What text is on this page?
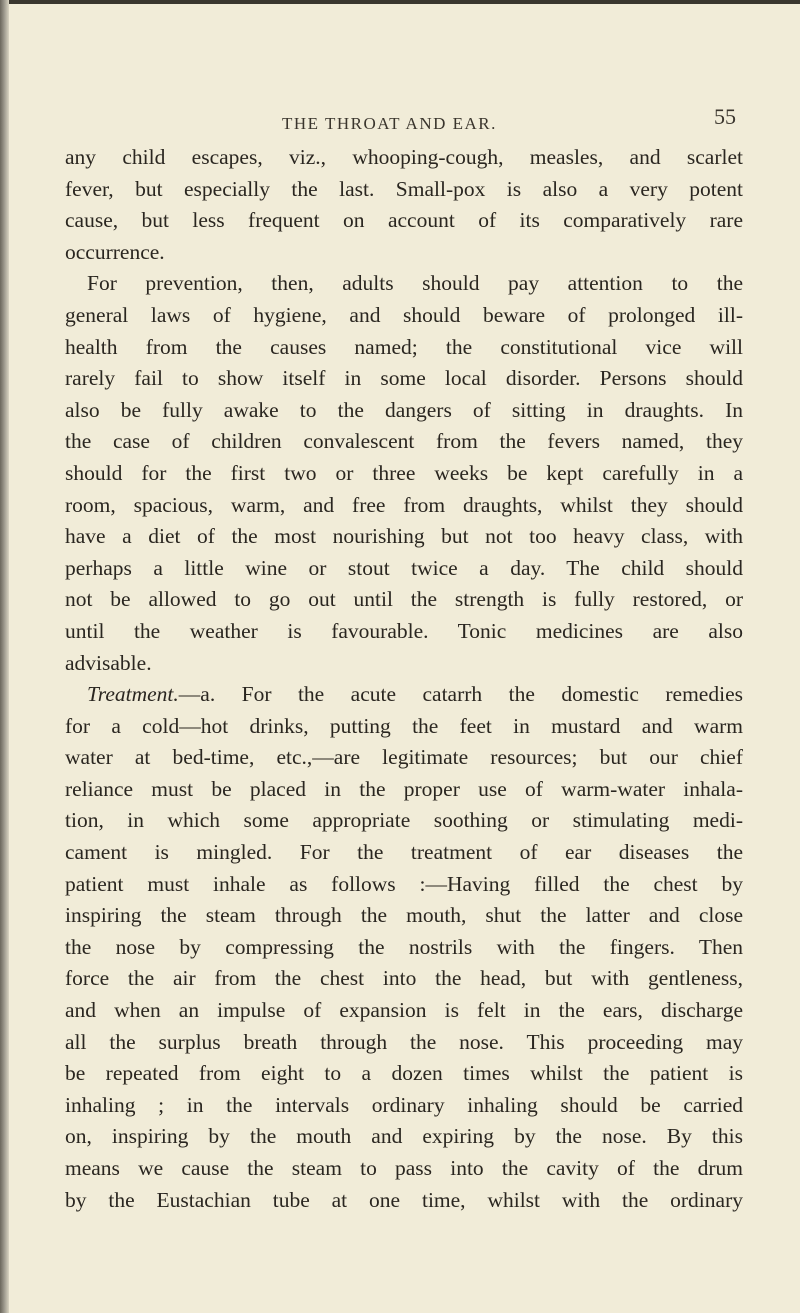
THE THROAT AND EAR.	55
any child escapes, viz., whooping-cough, measles, and scarlet
fever, but especially the last. Small-pox is also a very potent
cause, but less frequent on account of its comparatively rare
occurrence.
For prevention, then, adults should pay attention to the
general laws of hygiene, and should beware of prolonged ill-
health from the causes named; the constitutional vice will
rarely fail to show itself in some local disorder. Persons should
also be fully awake to the dangers of sitting in draughts. In
the case of children convalescent from the fevers named, they
should for the first two or three weeks be kept carefully in a
room, spacious, warm, and free from draughts, whilst they should
have a diet of the most nourishing but not too heavy class, with
perhaps a little wine or stout twice a day. The child should
not be allowed to go out until the strength is fully restored, or
until the weather is favourable. Tonic medicines are also
advisable.
Treatment.—a. For the acute catarrh the domestic remedies
for a cold—hot drinks, putting the feet in mustard and warm
water at bed-time, etc.,—are legitimate resources; but our chief
reliance must be placed in the proper use of warm-water inhala-
tion, in which some appropriate soothing or stimulating medi-
cament is mingled. For the treatment of ear diseases the
patient must inhale as follows :—Having filled the chest by
inspiring the steam through the mouth, shut the latter and close
the nose by compressing the nostrils with the fingers. Then
force the air from the chest into the head, but with gentleness,
and when an impulse of expansion is felt in the ears, discharge
all the surplus breath through the nose. This proceeding may
be repeated from eight to a dozen times whilst the patient is
inhaling ; in the intervals ordinary inhaling should be carried
on, inspiring by the mouth and expiring by the nose. By this
means we cause the steam to pass into the cavity of the drum
by the Eustachian tube at one time, whilst with the ordinary
